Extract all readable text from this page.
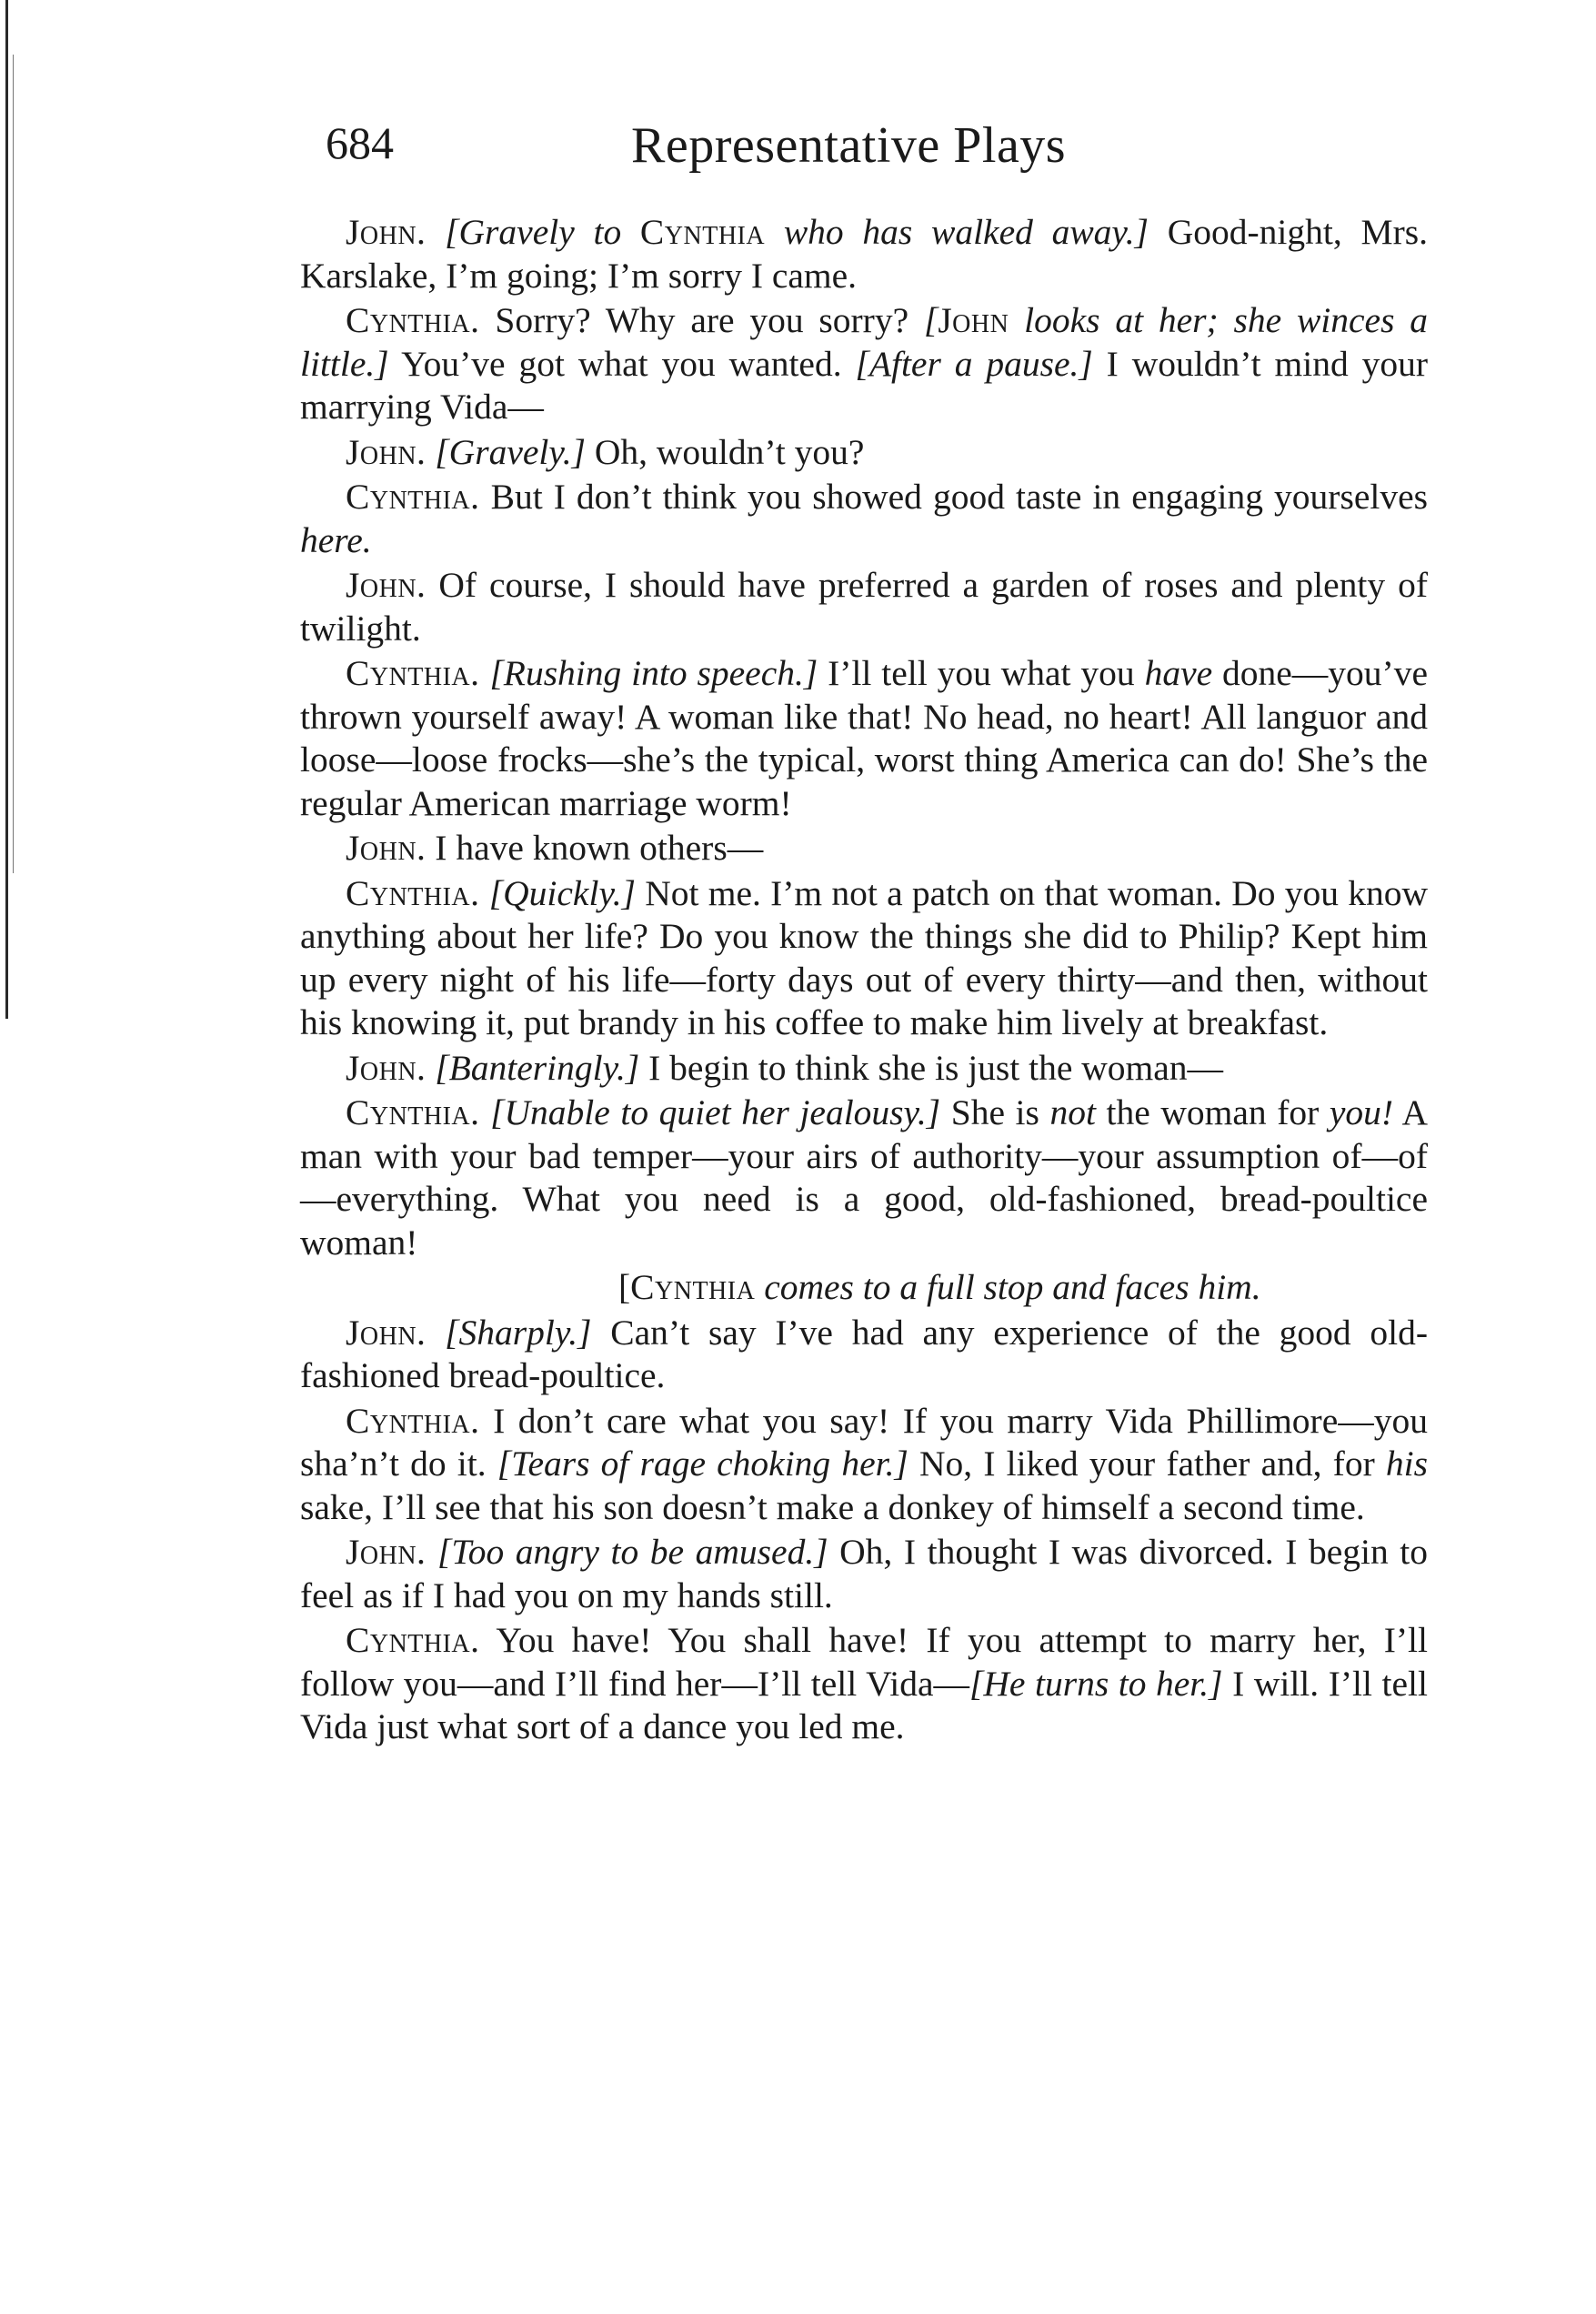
684	Representative Plays

John. [Gravely to Cynthia who has walked away.] Good-night, Mrs. Karslake, I’m going; I’m sorry I came.

Cynthia. Sorry? Why are you sorry? [John looks at her; she winces a little.] You’ve got what you wanted. [After a pause.] I wouldn’t mind your marrying Vida—

John. [Gravely.] Oh, wouldn’t you?

Cynthia. But I don’t think you showed good taste in engaging yourselves here.

John. Of course, I should have preferred a garden of roses and plenty of twilight.

Cynthia. [Rushing into speech.] I’ll tell you what you have done—you’ve thrown yourself away! A woman like that! No head, no heart! All languor and loose—loose frocks—she’s the typical, worst thing America can do! She’s the regular American marriage worm!

John. I have known others—

Cynthia. [Quickly.] Not me. I’m not a patch on that woman. Do you know anything about her life? Do you know the things she did to Philip? Kept him up every night of his life—forty days out of every thirty—and then, without his knowing it, put brandy in his coffee to make him lively at breakfast.

John. [Banteringly.] I begin to think she is just the woman—

Cynthia. [Unable to quiet her jealousy.] She is not the woman for you! A man with your bad temper—your airs of authority—your assumption of—of—everything. What you need is a good, old-fashioned, bread-poultice woman!

[Cynthia comes to a full stop and faces him.

John. [Sharply.] Can’t say I’ve had any experience of the good old-fashioned bread-poultice.

Cynthia. I don’t care what you say! If you marry Vida Phillimore—you sha’n’t do it. [Tears of rage choking her.] No, I liked your father and, for his sake, I’ll see that his son doesn’t make a donkey of himself a second time.

John. [Too angry to be amused.] Oh, I thought I was divorced. I begin to feel as if I had you on my hands still.

Cynthia. You have! You shall have! If you attempt to marry her, I’ll follow you—and I’ll find her—I’ll tell Vida—[He turns to her.] I will. I’ll tell Vida just what sort of a dance you led me.
